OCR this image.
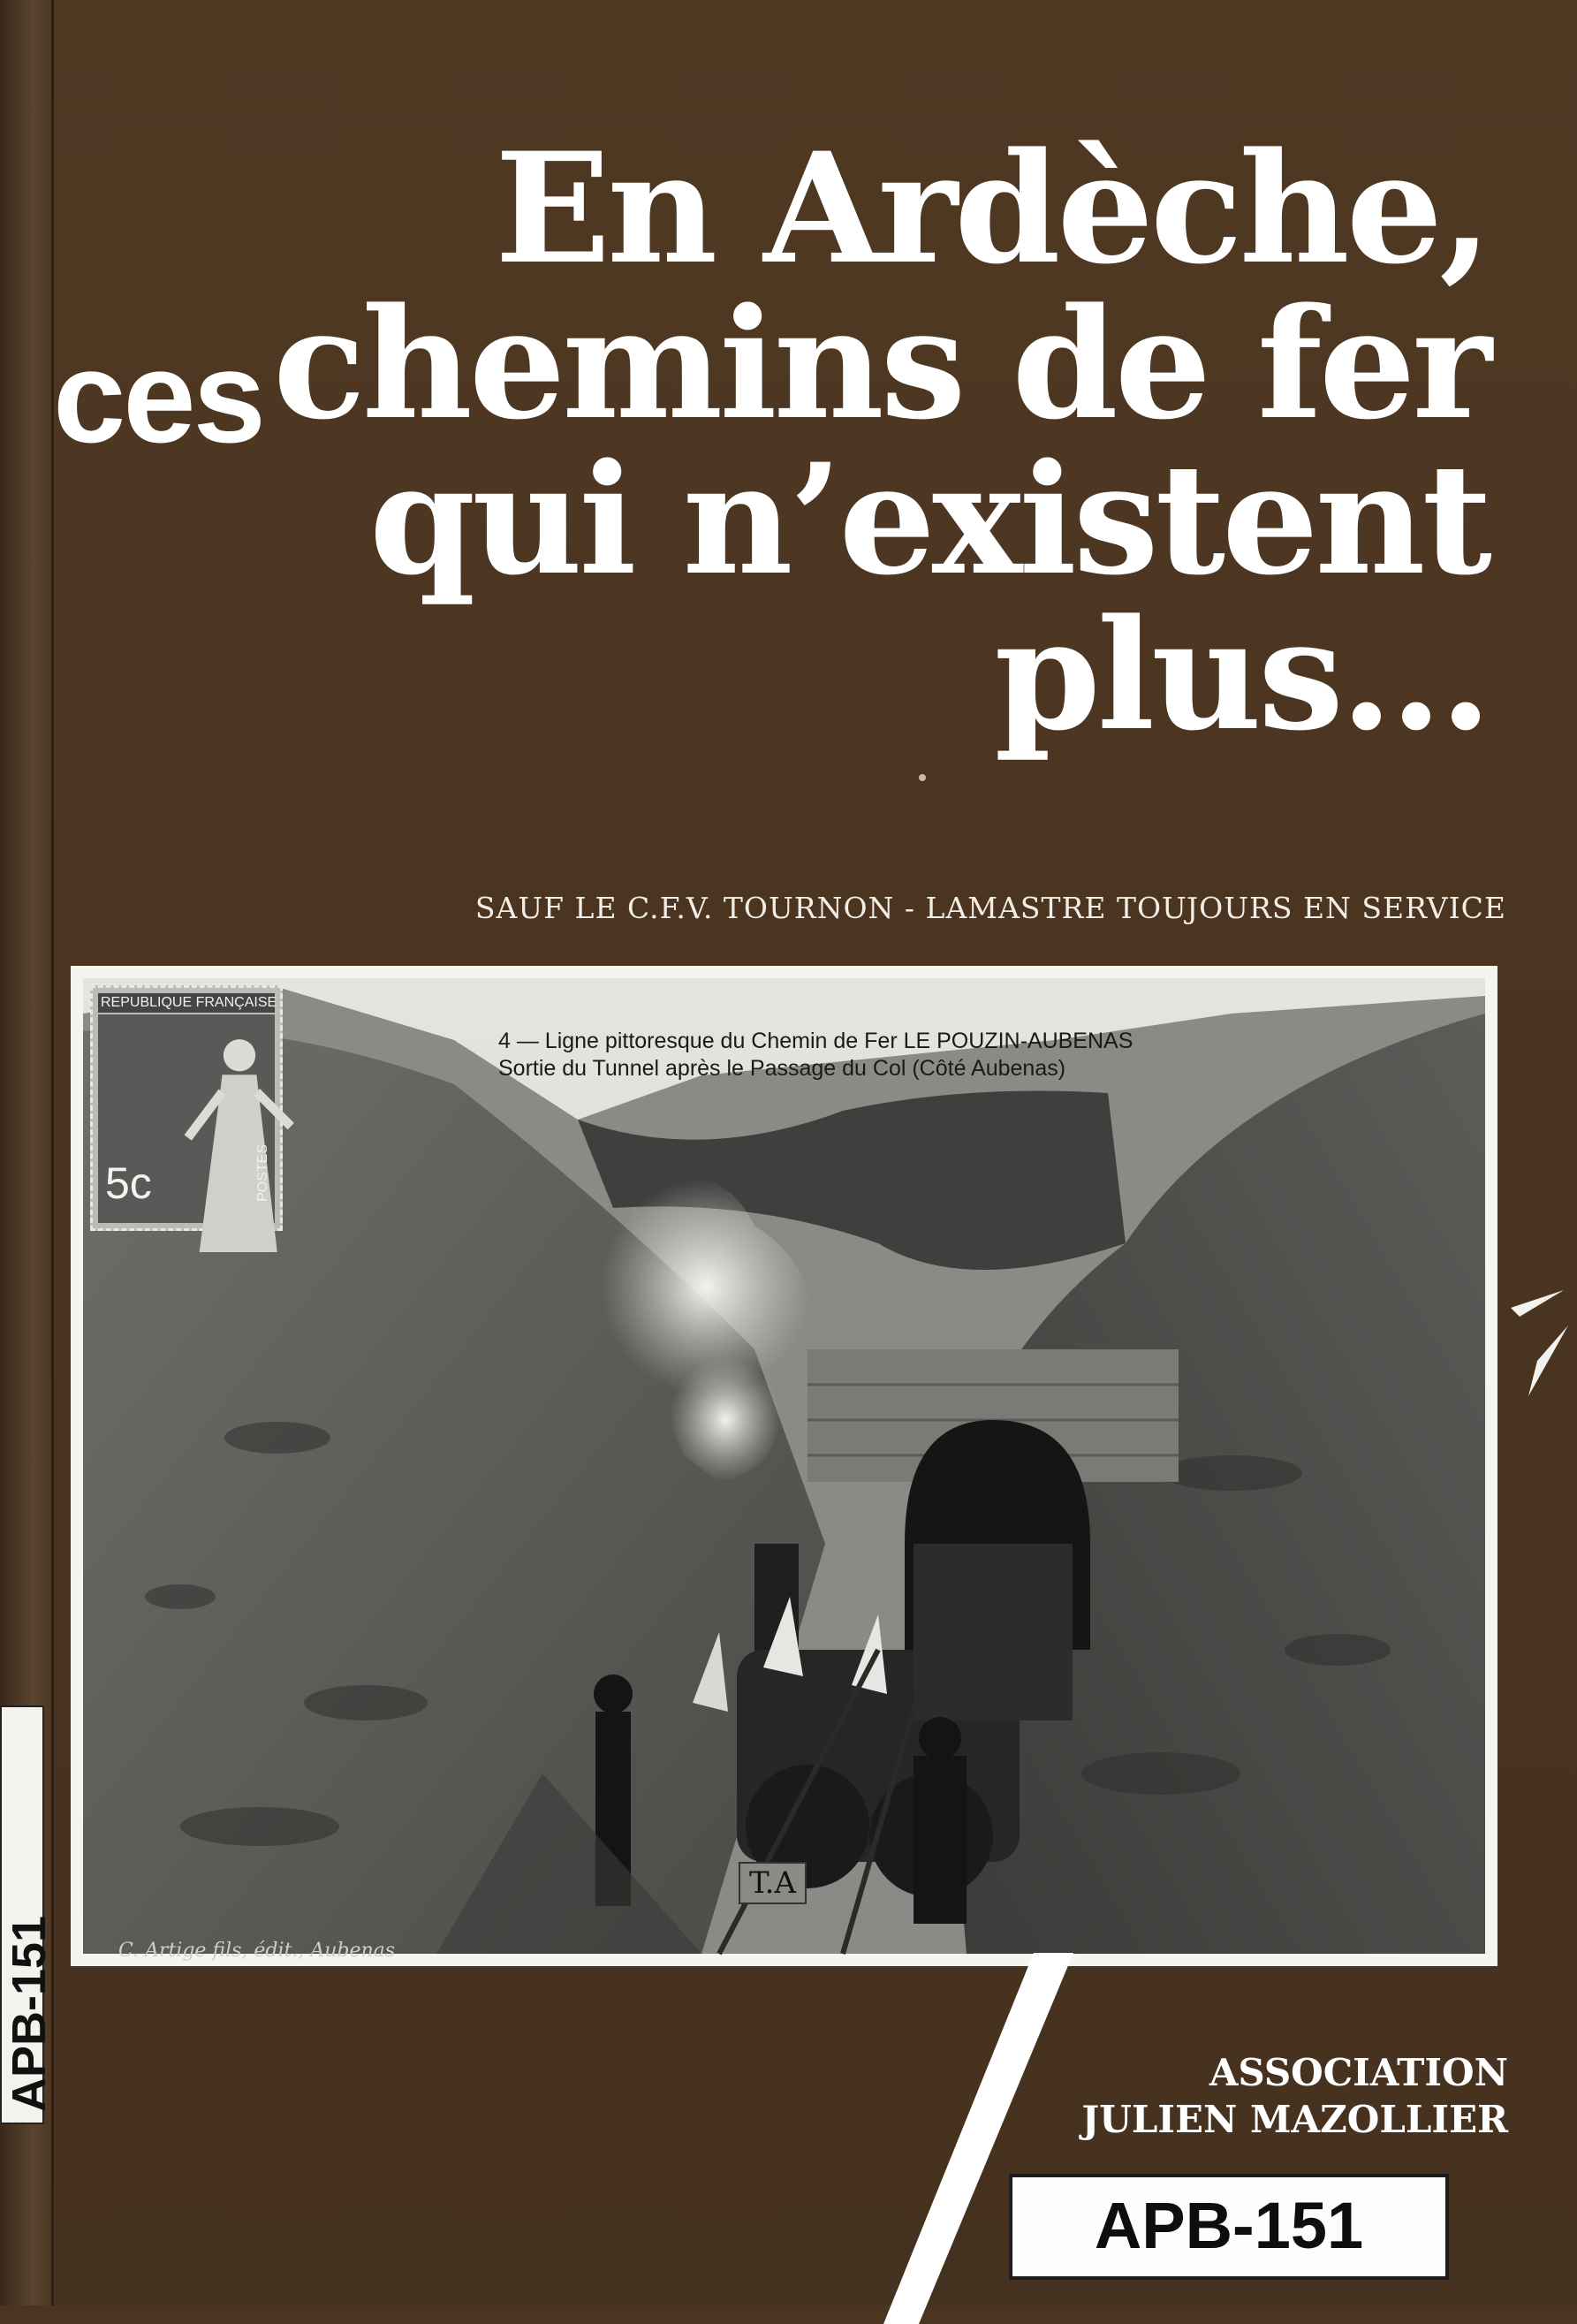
APB-151
ces
En Ardèche,
chemins de fer
qui n’existent
plus…
SAUF LE C.F.V. TOURNON - LAMASTRE TOUJOURS EN SERVICE
REPUBLIQUE FRANÇAISE
5c	POSTES
4 — Ligne pittoresque du Chemin de Fer LE POUZIN-AUBENAS
Sortie du Tunnel après le Passage du Col (Côté Aubenas)
T.A
C. Artige fils, édit., Aubenas
ASSOCIATION
JULIEN MAZOLLIER
APB-151
